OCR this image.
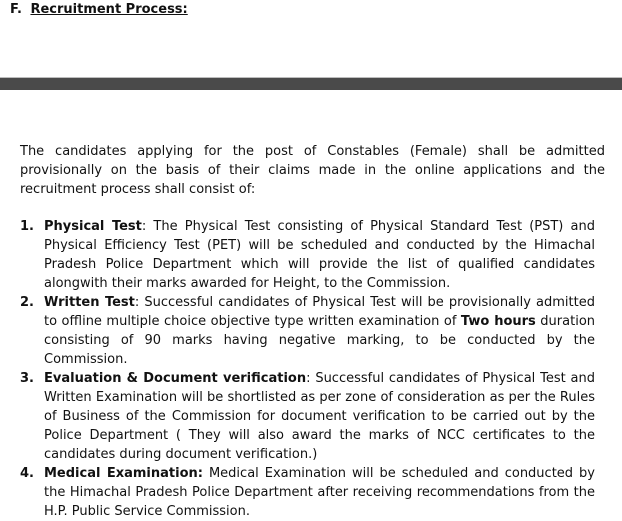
F. Recruitment Process:

The candidates applying for the post of Constables (Female) shall be admitted provisionally on the basis of their claims made in the online applications and the recruitment process shall consist of:

1. Physical Test: The Physical Test consisting of Physical Standard Test (PST) and Physical Efficiency Test (PET) will be scheduled and conducted by the Himachal Pradesh Police Department which will provide the list of qualified candidates alongwith their marks awarded for Height, to the Commission.
2. Written Test: Successful candidates of Physical Test will be provisionally admitted to offline multiple choice objective type written examination of Two hours duration consisting of 90 marks having negative marking, to be conducted by the Commission.
3. Evaluation & Document verification: Successful candidates of Physical Test and Written Examination will be shortlisted as per zone of consideration as per the Rules of Business of the Commission for document verification to be carried out by the Police Department ( They will also award the marks of NCC certificates to the candidates during document verification.)
4. Medical Examination: Medical Examination will be scheduled and conducted by the Himachal Pradesh Police Department after receiving recommendations from the H.P. Public Service Commission.
